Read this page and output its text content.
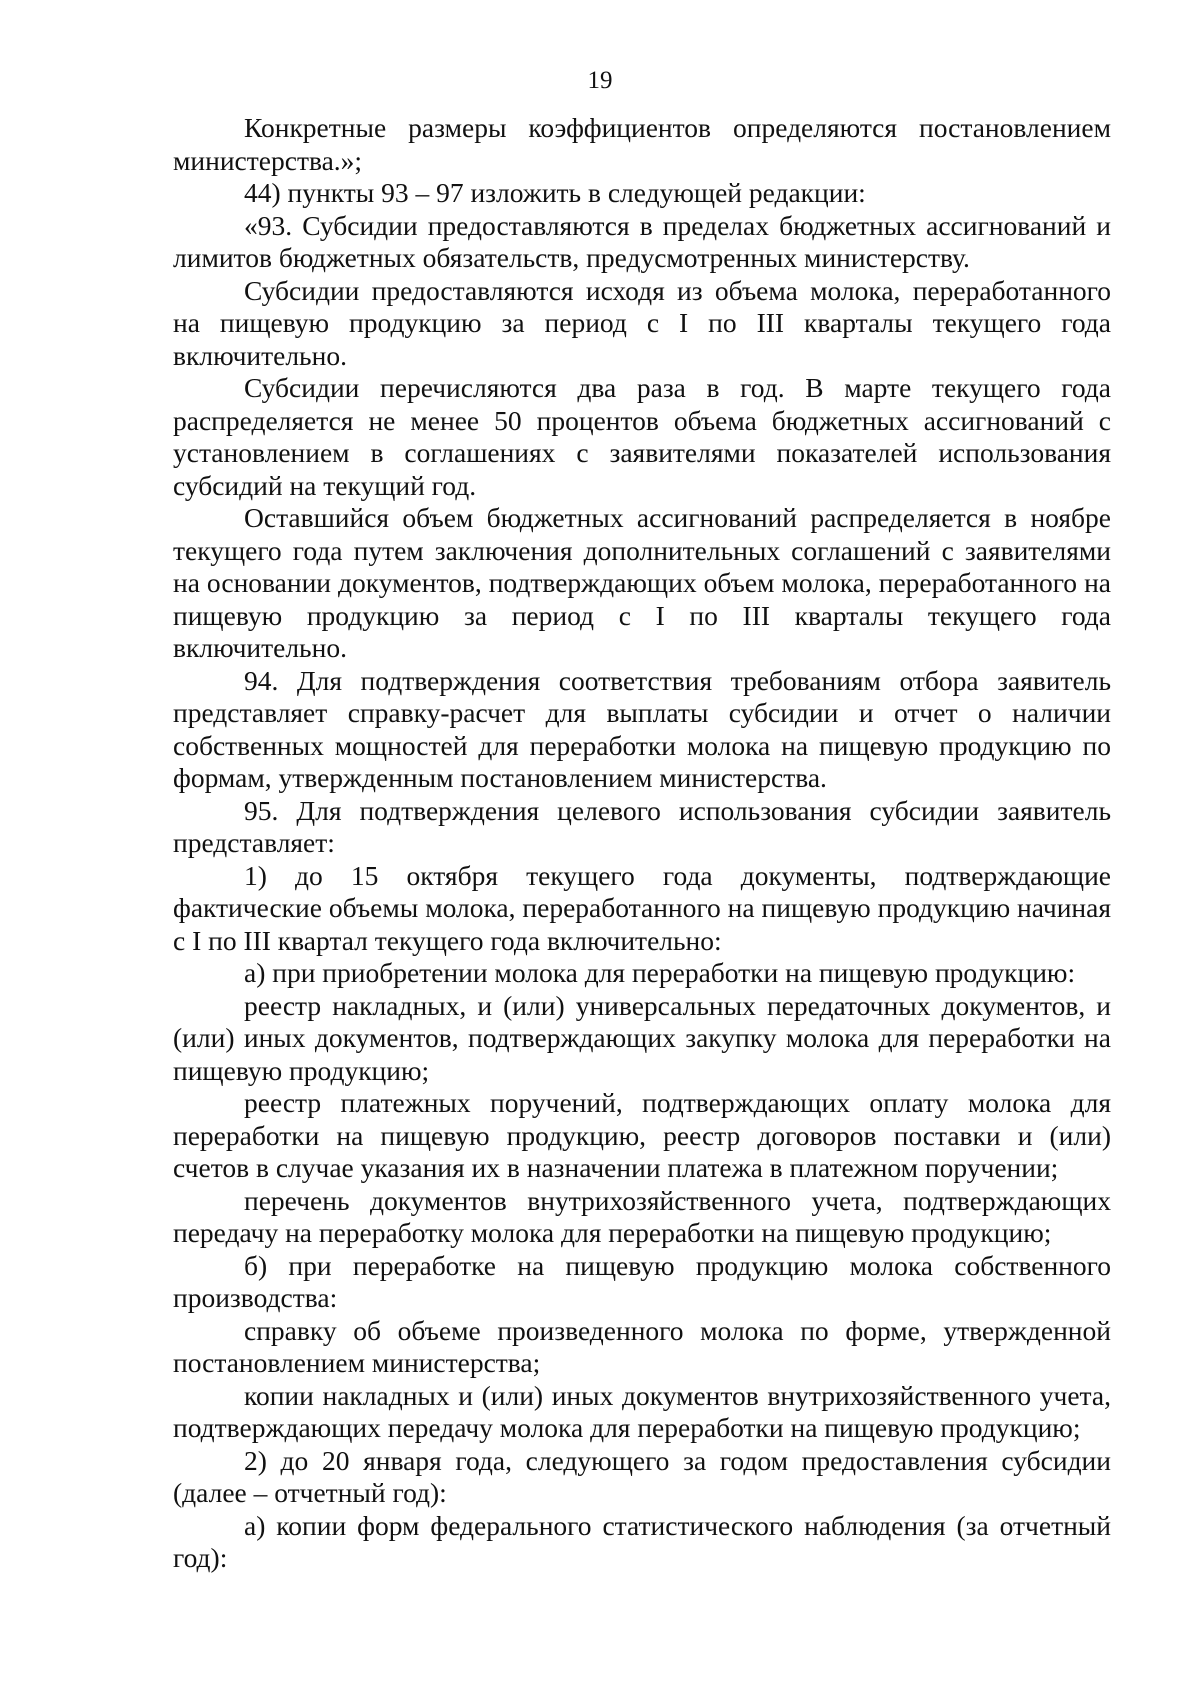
19

Конкретные размеры коэффициентов определяются постановлением министерства.»;

44) пункты 93 – 97 изложить в следующей редакции:

«93. Субсидии предоставляются в пределах бюджетных ассигнований и лимитов бюджетных обязательств, предусмотренных министерству.

Субсидии предоставляются исходя из объема молока, переработанного на пищевую продукцию за период с I по III кварталы текущего года включительно.

Субсидии перечисляются два раза в год. В марте текущего года распределяется не менее 50 процентов объема бюджетных ассигнований с установлением в соглашениях с заявителями показателей использования субсидий на текущий год.

Оставшийся объем бюджетных ассигнований распределяется в ноябре текущего года путем заключения дополнительных соглашений с заявителями на основании документов, подтверждающих объем молока, переработанного на пищевую продукцию за период с I по III кварталы текущего года включительно.

94. Для подтверждения соответствия требованиям отбора заявитель представляет справку-расчет для выплаты субсидии и отчет о наличии собственных мощностей для переработки молока на пищевую продукцию по формам, утвержденным постановлением министерства.

95. Для подтверждения целевого использования субсидии заявитель представляет:

1) до 15 октября текущего года документы, подтверждающие фактические объемы молока, переработанного на пищевую продукцию начиная с I по III квартал текущего года включительно:

а) при приобретении молока для переработки на пищевую продукцию:

реестр накладных, и (или) универсальных передаточных документов, и (или) иных документов, подтверждающих закупку молока для переработки на пищевую продукцию;

реестр платежных поручений, подтверждающих оплату молока для переработки на пищевую продукцию, реестр договоров поставки и (или) счетов в случае указания их в назначении платежа в платежном поручении;

перечень документов внутрихозяйственного учета, подтверждающих передачу на переработку молока для переработки на пищевую продукцию;

б) при переработке на пищевую продукцию молока собственного производства:

справку об объеме произведенного молока по форме, утвержденной постановлением министерства;

копии накладных и (или) иных документов внутрихозяйственного учета, подтверждающих передачу молока для переработки на пищевую продукцию;

2) до 20 января года, следующего за годом предоставления субсидии (далее – отчетный год):

а) копии форм федерального статистического наблюдения (за отчетный год):
